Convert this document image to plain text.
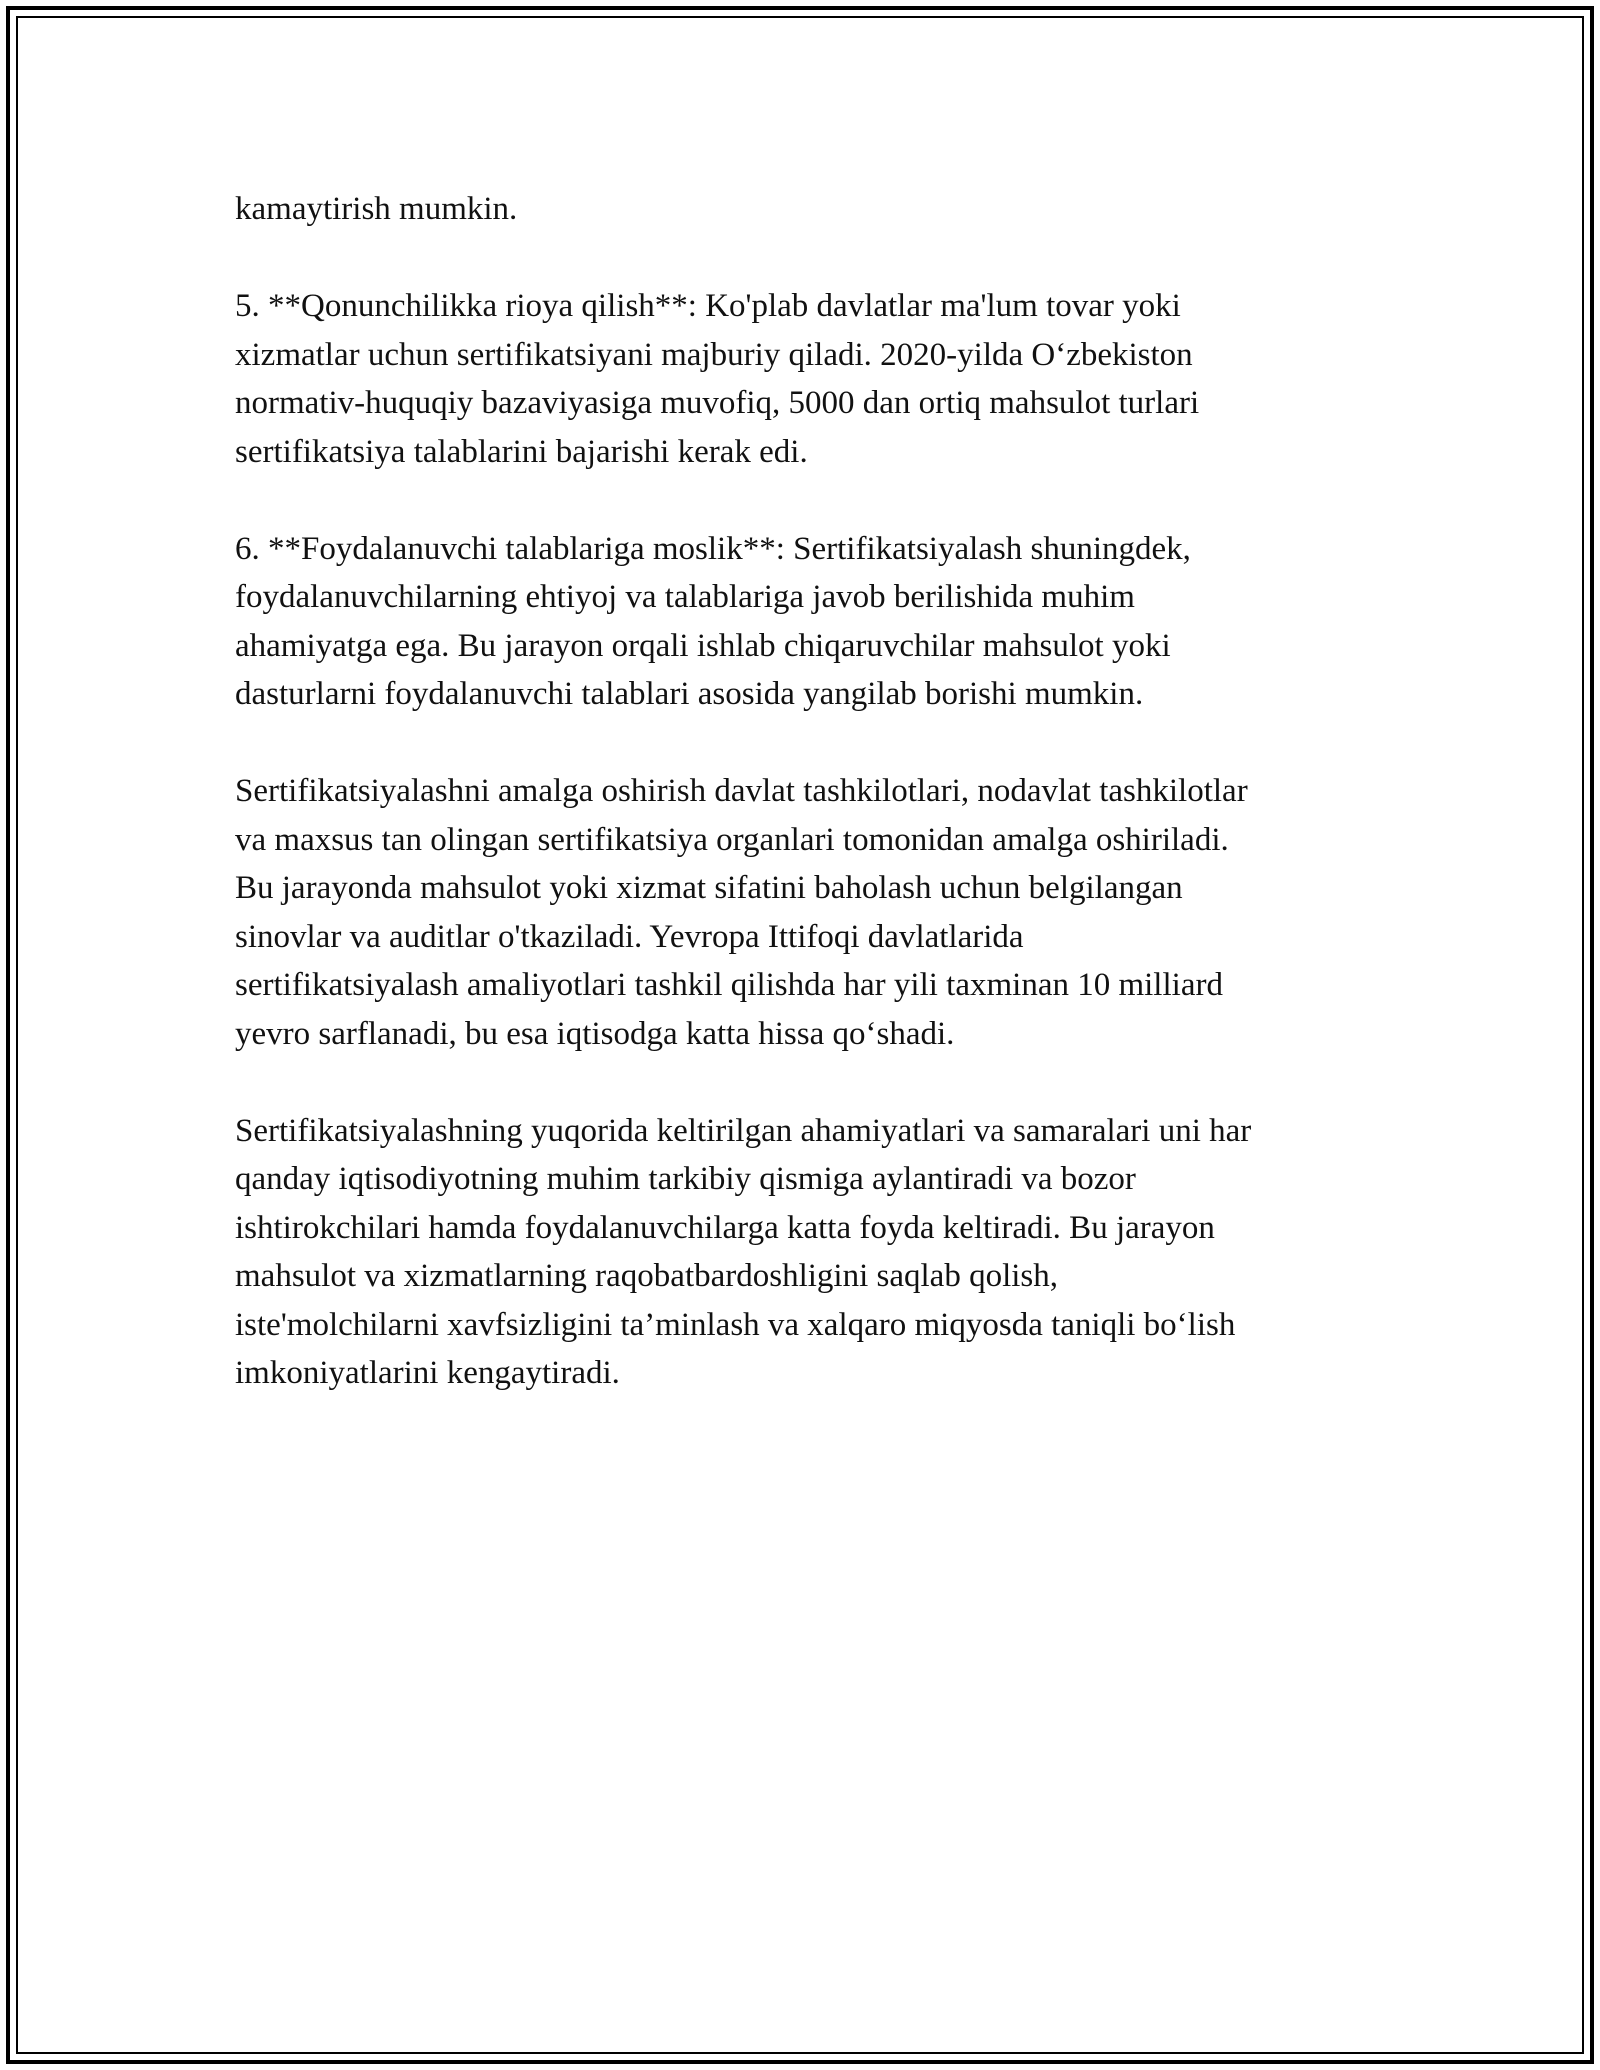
kamaytirish mumkin.

5. **Qonunchilikka rioya qilish**: Ko'plab davlatlar ma'lum tovar yoki
xizmatlar uchun sertifikatsiyani majburiy qiladi. 2020-yilda O‘zbekiston
normativ-huquqiy bazaviyasiga muvofiq, 5000 dan ortiq mahsulot turlari
sertifikatsiya talablarini bajarishi kerak edi.

6. **Foydalanuvchi talablariga moslik**: Sertifikatsiyalash shuningdek,
foydalanuvchilarning ehtiyoj va talablariga javob berilishida muhim
ahamiyatga ega. Bu jarayon orqali ishlab chiqaruvchilar mahsulot yoki
dasturlarni foydalanuvchi talablari asosida yangilab borishi mumkin.

Sertifikatsiyalashni amalga oshirish davlat tashkilotlari, nodavlat tashkilotlar
va maxsus tan olingan sertifikatsiya organlari tomonidan amalga oshiriladi.
Bu jarayonda mahsulot yoki xizmat sifatini baholash uchun belgilangan
sinovlar va auditlar o'tkaziladi. Yevropa Ittifoqi davlatlarida
sertifikatsiyalash amaliyotlari tashkil qilishda har yili taxminan 10 milliard
yevro sarflanadi, bu esa iqtisodga katta hissa qo‘shadi.

Sertifikatsiyalashning yuqorida keltirilgan ahamiyatlari va samaralari uni har
qanday iqtisodiyotning muhim tarkibiy qismiga aylantiradi va bozor
ishtirokchilari hamda foydalanuvchilarga katta foyda keltiradi. Bu jarayon
mahsulot va xizmatlarning raqobatbardoshligini saqlab qolish,
iste'molchilarni xavfsizligini ta’minlash va xalqaro miqyosda taniqli bo‘lish
imkoniyatlarini kengaytiradi.
